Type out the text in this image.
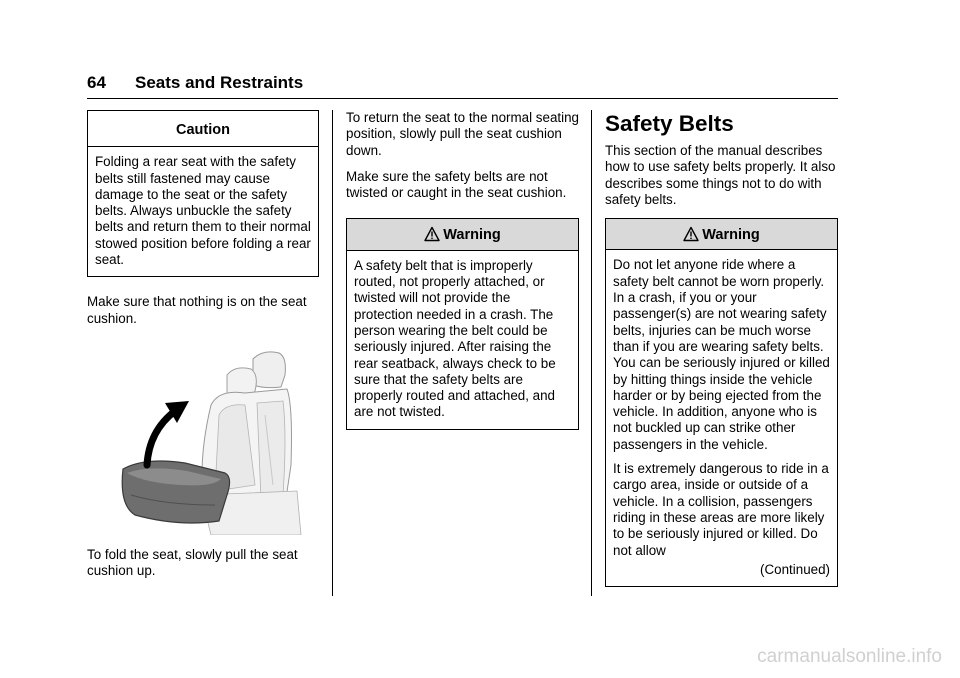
64 Seats and Restraints
Caution

Folding a rear seat with the safety belts still fastened may cause damage to the seat or the safety belts. Always unbuckle the safety belts and return them to their normal stowed position before folding a rear seat.

Make sure that nothing is on the seat cushion.

To fold the seat, slowly pull the seat cushion up.

To return the seat to the normal seating position, slowly pull the seat cushion down.

Make sure the safety belts are not twisted or caught in the seat cushion.

Warning

A safety belt that is improperly routed, not properly attached, or twisted will not provide the protection needed in a crash. The person wearing the belt could be seriously injured. After raising the rear seatback, always check to be sure that the safety belts are properly routed and attached, and are not twisted.

Safety Belts

This section of the manual describes how to use safety belts properly. It also describes some things not to do with safety belts.

Warning

Do not let anyone ride where a safety belt cannot be worn properly. In a crash, if you or your passenger(s) are not wearing safety belts, injuries can be much worse than if you are wearing safety belts. You can be seriously injured or killed by hitting things inside the vehicle harder or by being ejected from the vehicle. In addition, anyone who is not buckled up can strike other passengers in the vehicle.

It is extremely dangerous to ride in a cargo area, inside or outside of a vehicle. In a collision, passengers riding in these areas are more likely to be seriously injured or killed. Do not allow

(Continued)
carmanualsonline.info
